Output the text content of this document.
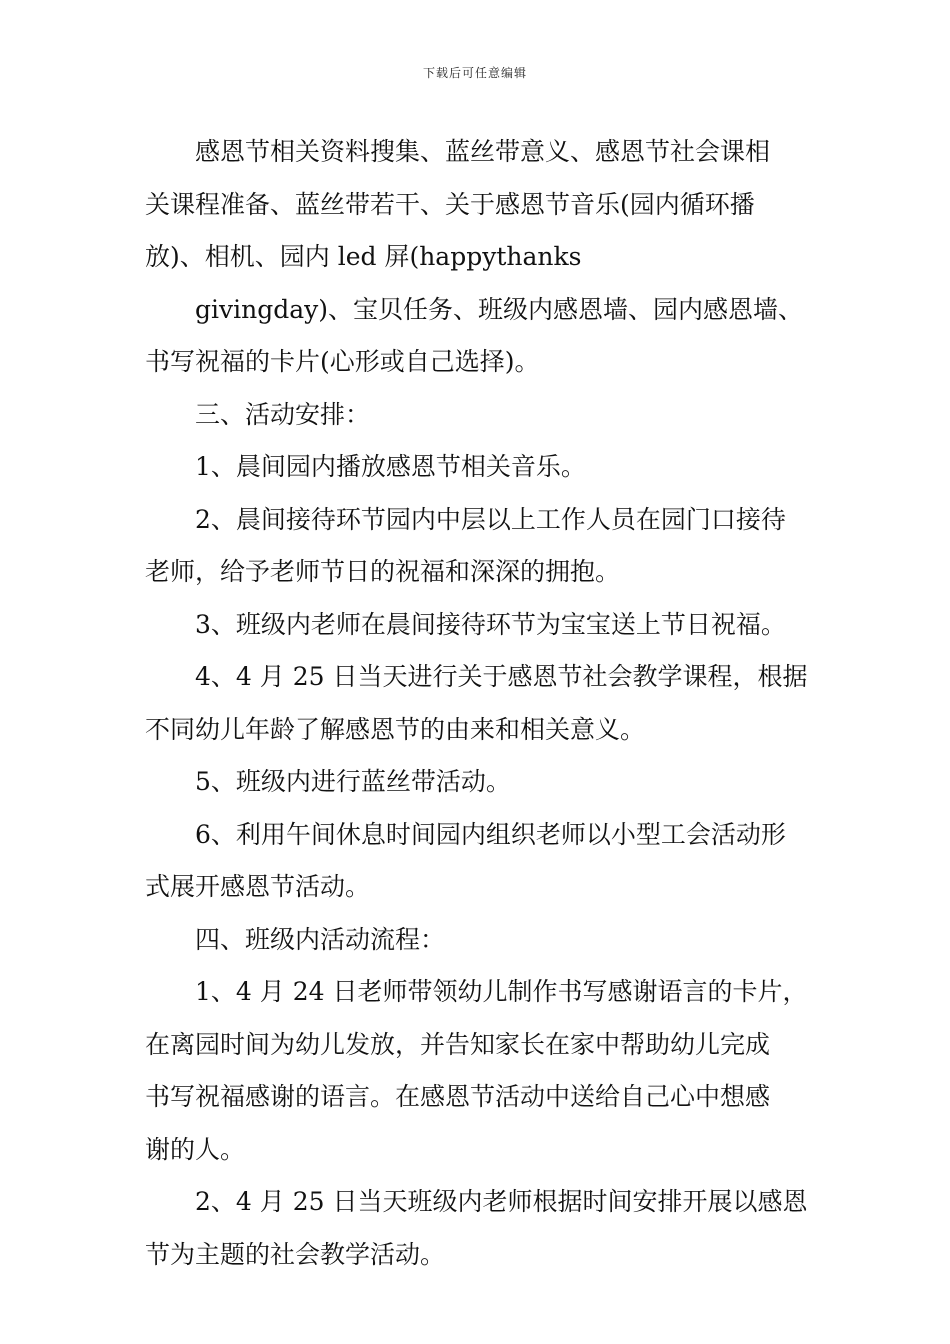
下载后可任意编辑
感恩节相关资料搜集、蓝丝带意义、感恩节社会课相
关课程准备、蓝丝带若干、关于感恩节音乐(园内循环播
放)、相机、园内 led 屏(happythanks
givingday)、宝贝任务、班级内感恩墙、园内感恩墙、
书写祝福的卡片(心形或自己选择)。
三、活动安排：
1、晨间园内播放感恩节相关音乐。
2、晨间接待环节园内中层以上工作人员在园门口接待
老师，给予老师节日的祝福和深深的拥抱。
3、班级内老师在晨间接待环节为宝宝送上节日祝福。
4、4 月 25 日当天进行关于感恩节社会教学课程，根据
不同幼儿年龄了解感恩节的由来和相关意义。
5、班级内进行蓝丝带活动。
6、利用午间休息时间园内组织老师以小型工会活动形
式展开感恩节活动。
四、班级内活动流程：
1、4 月 24 日老师带领幼儿制作书写感谢语言的卡片，
在离园时间为幼儿发放，并告知家长在家中帮助幼儿完成
书写祝福感谢的语言。在感恩节活动中送给自己心中想感
谢的人。
2、4 月 25 日当天班级内老师根据时间安排开展以感恩
节为主题的社会教学活动。
